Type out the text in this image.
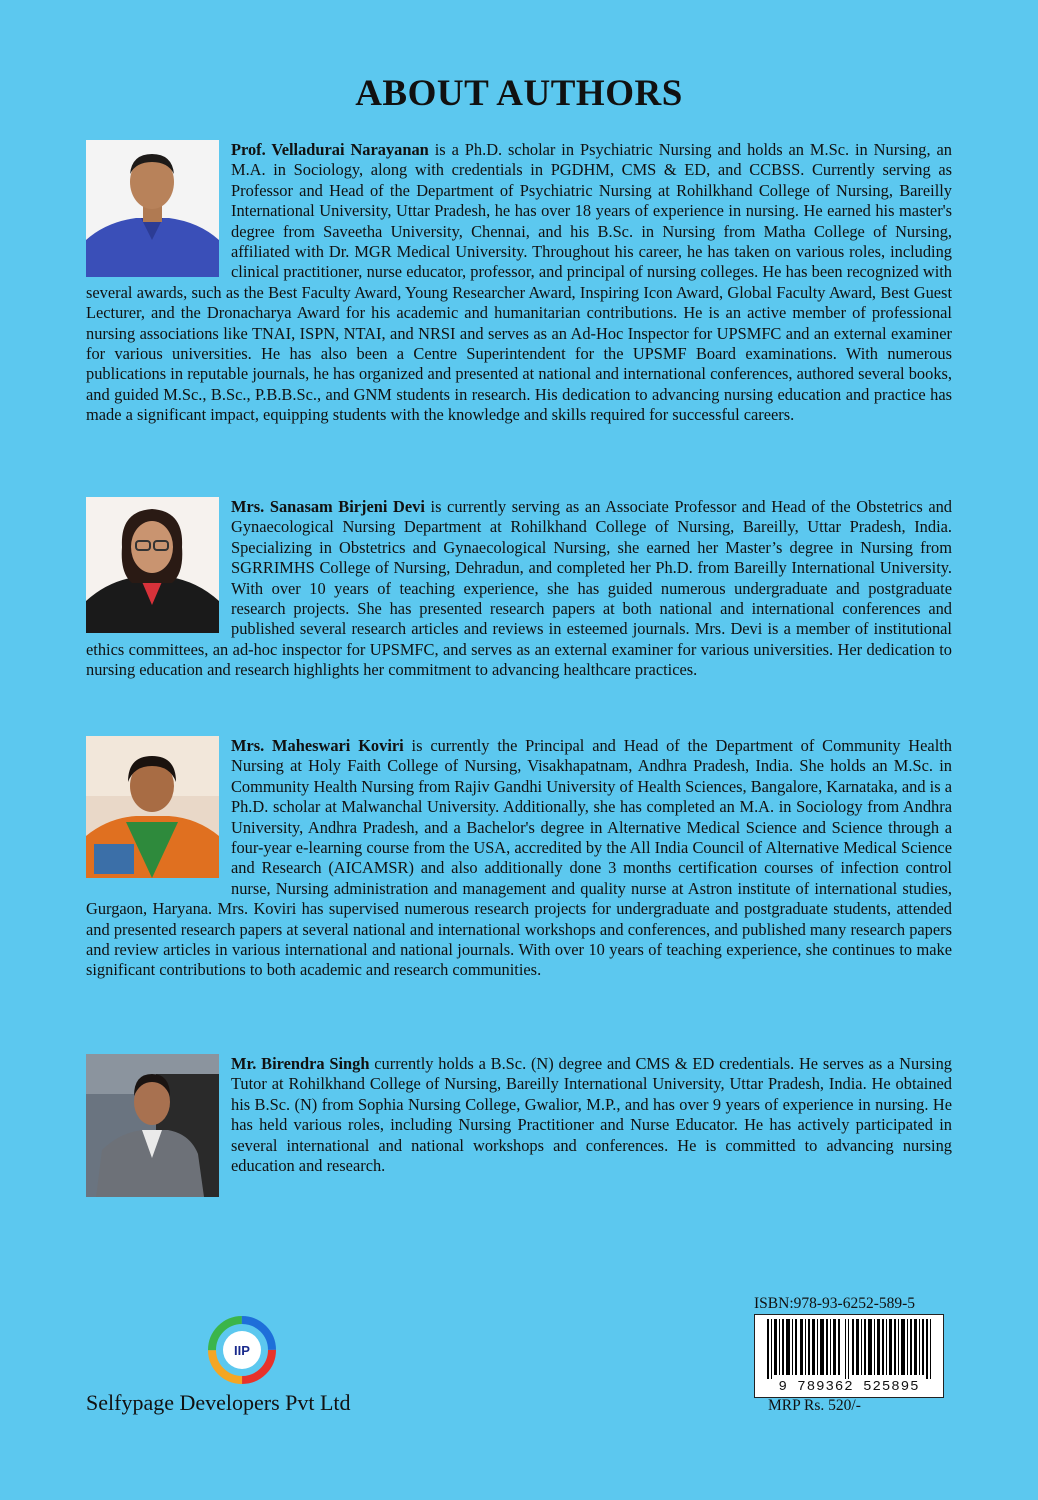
ABOUT AUTHORS
Prof. Velladurai Narayanan is a Ph.D. scholar in Psychiatric Nursing and holds an M.Sc. in Nursing, an M.A. in Sociology, along with credentials in PGDHM, CMS & ED, and CCBSS. Currently serving as Professor and Head of the Department of Psychiatric Nursing at Rohilkhand College of Nursing, Bareilly International University, Uttar Pradesh, he has over 18 years of experience in nursing. He earned his master's degree from Saveetha University, Chennai, and his B.Sc. in Nursing from Matha College of Nursing, affiliated with Dr. MGR Medical University. Throughout his career, he has taken on various roles, including clinical practitioner, nurse educator, professor, and principal of nursing colleges. He has been recognized with several awards, such as the Best Faculty Award, Young Researcher Award, Inspiring Icon Award, Global Faculty Award, Best Guest Lecturer, and the Dronacharya Award for his academic and humanitarian contributions. He is an active member of professional nursing associations like TNAI, ISPN, NTAI, and NRSI and serves as an Ad-Hoc Inspector for UPSMFC and an external examiner for various universities. He has also been a Centre Superintendent for the UPSMF Board examinations. With numerous publications in reputable journals, he has organized and presented at national and international conferences, authored several books, and guided M.Sc., B.Sc., P.B.B.Sc., and GNM students in research. His dedication to advancing nursing education and practice has made a significant impact, equipping students with the knowledge and skills required for successful careers.
Mrs. Sanasam Birjeni Devi is currently serving as an Associate Professor and Head of the Obstetrics and Gynaecological Nursing Department at Rohilkhand College of Nursing, Bareilly, Uttar Pradesh, India. Specializing in Obstetrics and Gynaecological Nursing, she earned her Master’s degree in Nursing from SGRRIMHS College of Nursing, Dehradun, and completed her Ph.D. from Bareilly International University. With over 10 years of teaching experience, she has guided numerous undergraduate and postgraduate research projects. She has presented research papers at both national and international conferences and published several research articles and reviews in esteemed journals. Mrs. Devi is a member of institutional ethics committees, an ad-hoc inspector for UPSMFC, and serves as an external examiner for various universities. Her dedication to nursing education and research highlights her commitment to advancing healthcare practices.
Mrs. Maheswari Koviri is currently the Principal and Head of the Department of Community Health Nursing at Holy Faith College of Nursing, Visakhapatnam, Andhra Pradesh, India. She holds an M.Sc. in Community Health Nursing from Rajiv Gandhi University of Health Sciences, Bangalore, Karnataka, and is a Ph.D. scholar at Malwanchal University. Additionally, she has completed an M.A. in Sociology from Andhra University, Andhra Pradesh, and a Bachelor's degree in Alternative Medical Science and Science through a four-year e-learning course from the USA, accredited by the All India Council of Alternative Medical Science and Research (AICAMSR) and also additionally done 3 months certification courses of infection control nurse, Nursing administration and management and quality nurse at Astron institute of international studies, Gurgaon, Haryana. Mrs. Koviri has supervised numerous research projects for undergraduate and postgraduate students, attended and presented research papers at several national and international workshops and conferences, and published many research papers and review articles in various international and national journals. With over 10 years of teaching experience, she continues to make significant contributions to both academic and research communities.
Mr. Birendra Singh currently holds a B.Sc. (N) degree and CMS & ED credentials. He serves as a Nursing Tutor at Rohilkhand College of Nursing, Bareilly International University, Uttar Pradesh, India. He obtained his B.Sc. (N) from Sophia Nursing College, Gwalior, M.P., and has over 9 years of experience in nursing. He has held various roles, including Nursing Practitioner and Nurse Educator. He has actively participated in several international and national workshops and conferences. He is committed to advancing nursing education and research.
IIP
Selfypage Developers Pvt Ltd
ISBN:978-93-6252-589-5
9 789362 525895
MRP Rs. 520/-
